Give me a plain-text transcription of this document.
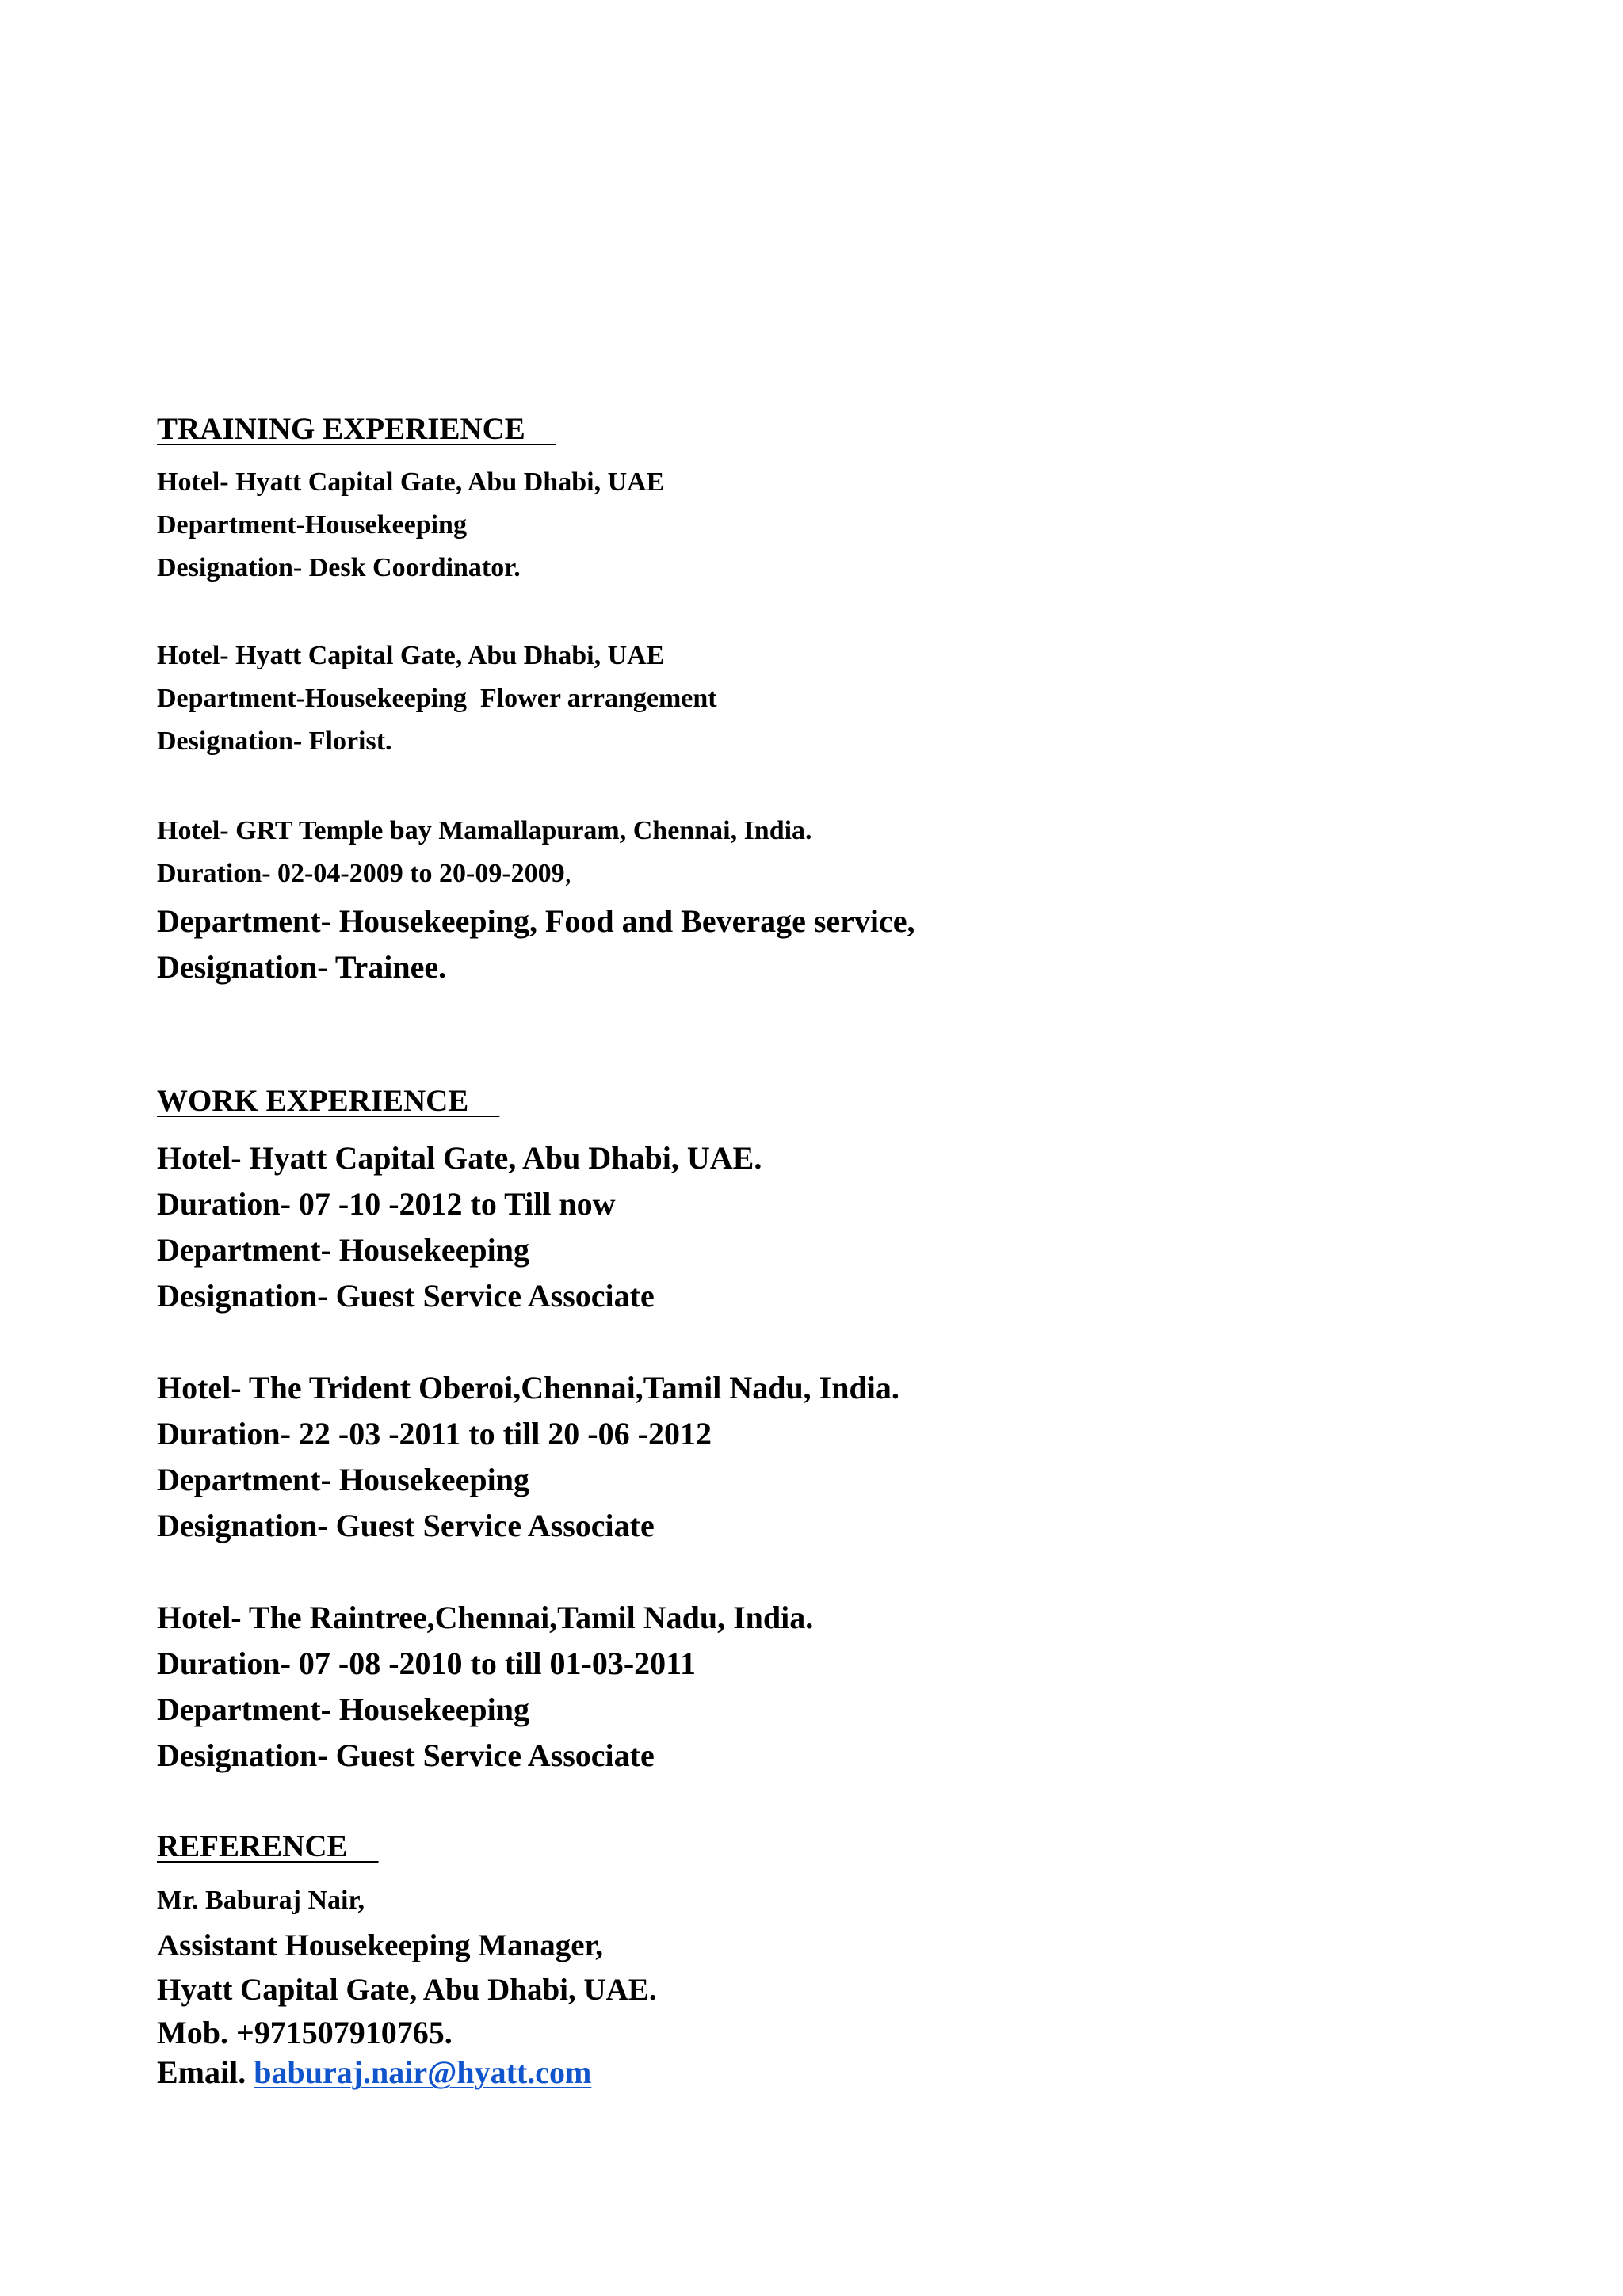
TRAINING EXPERIENCE
Hotel- Hyatt Capital Gate, Abu Dhabi, UAE
Department-Housekeeping
Designation- Desk Coordinator.
Hotel- Hyatt Capital Gate, Abu Dhabi, UAE
Department-Housekeeping  Flower arrangement
Designation- Florist.
Hotel- GRT Temple bay Mamallapuram, Chennai, India.
Duration- 02-04-2009 to 20-09-2009,
Department- Housekeeping, Food and Beverage service,
Designation- Trainee.
WORK EXPERIENCE
Hotel- Hyatt Capital Gate, Abu Dhabi, UAE.
Duration- 07 -10 -2012 to Till now
Department- Housekeeping
Designation- Guest Service Associate
Hotel- The Trident Oberoi,Chennai,Tamil Nadu, India.
Duration- 22 -03 -2011 to till 20 -06 -2012
Department- Housekeeping
Designation- Guest Service Associate
Hotel- The Raintree,Chennai,Tamil Nadu, India.
Duration- 07 -08 -2010 to till 01-03-2011
Department- Housekeeping
Designation- Guest Service Associate
REFERENCE
Mr. Baburaj Nair,
Assistant Housekeeping Manager,
Hyatt Capital Gate, Abu Dhabi, UAE.
Mob. +971507910765.
Email. baburaj.nair@hyatt.com
